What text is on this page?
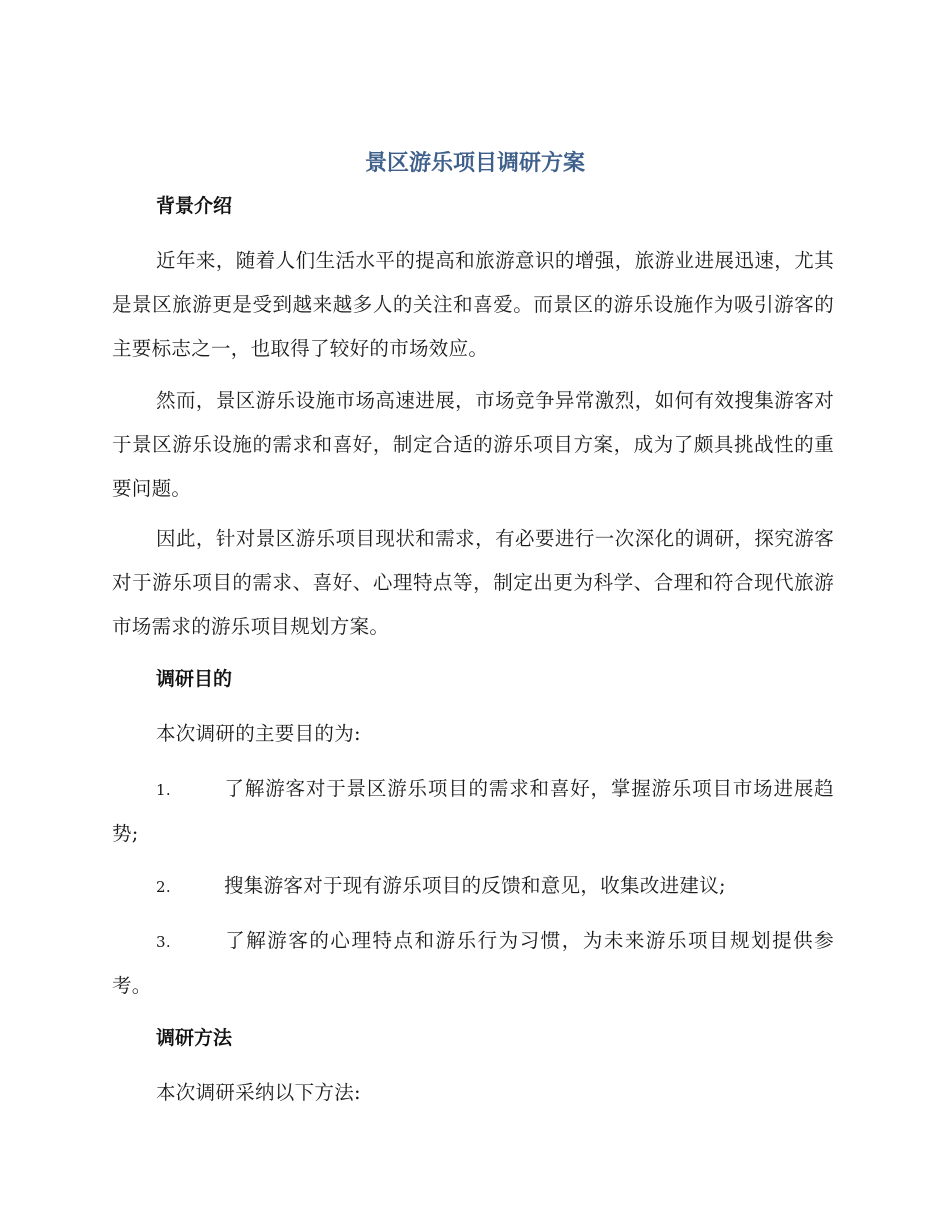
景区游乐项目调研方案
背景介绍
近年来，随着人们生活水平的提高和旅游意识的增强，旅游业进展迅速，尤其是景区旅游更是受到越来越多人的关注和喜爱。而景区的游乐设施作为吸引游客的主要标志之一，也取得了较好的市场效应。
然而，景区游乐设施市场高速进展，市场竞争异常激烈，如何有效搜集游客对于景区游乐设施的需求和喜好，制定合适的游乐项目方案，成为了颇具挑战性的重要问题。
因此，针对景区游乐项目现状和需求，有必要进行一次深化的调研，探究游客对于游乐项目的需求、喜好、心理特点等，制定出更为科学、合理和符合现代旅游市场需求的游乐项目规划方案。
调研目的
本次调研的主要目的为:
1.	了解游客对于景区游乐项目的需求和喜好，掌握游乐项目市场进展趋势;
2.	搜集游客对于现有游乐项目的反馈和意见，收集改进建议;
3.	了解游客的心理特点和游乐行为习惯，为未来游乐项目规划提供参考。
调研方法
本次调研采纳以下方法:
